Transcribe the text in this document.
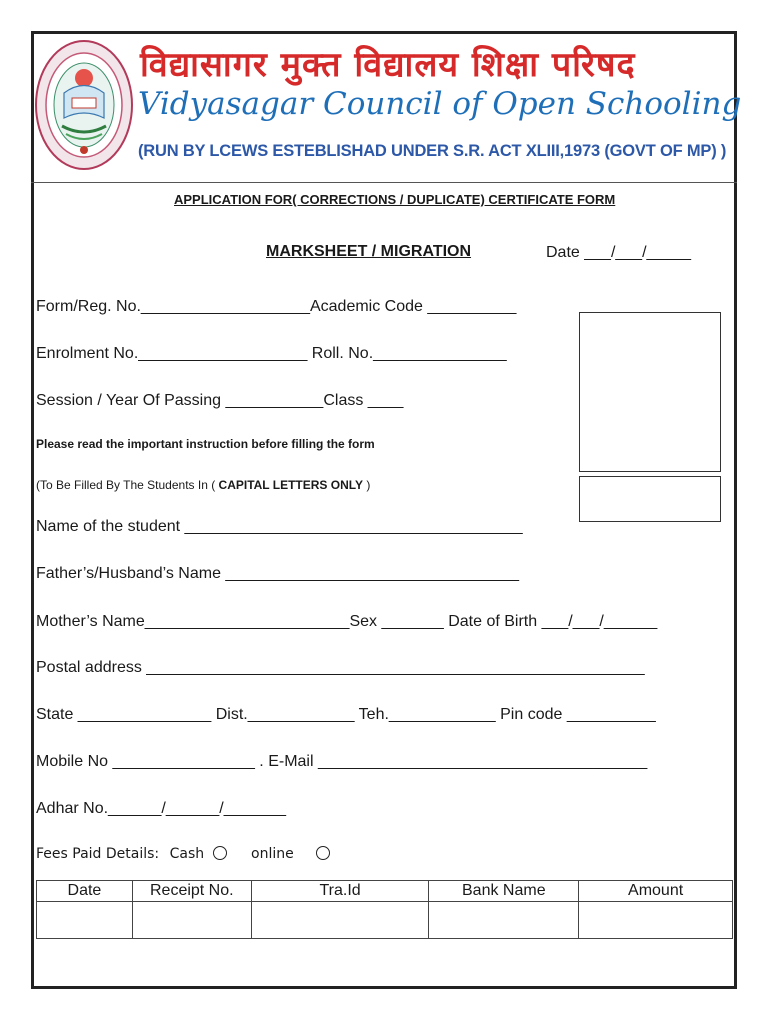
विद्यासागर मुक्त विद्यालय शिक्षा परिषद
Vidyasagar Council of Open Schooling
(RUN BY LCEWS ESTEBLISHAD UNDER S.R. ACT XLIII,1973 (GOVT OF MP) )
APPLICATION FOR( CORRECTIONS / DUPLICATE) CERTIFICATE FORM
MARKSHEET / MIGRATION	Date ___/___/_____
Form/Reg. No.___________________Academic Code __________
Enrolment No.___________________ Roll. No._______________
Session / Year Of Passing ___________Class ____
Please read the important instruction before filling the form
(To Be Filled By The Students In ( CAPITAL LETTERS ONLY )
Name of the student ______________________________________
Father’s/Husband’s Name _________________________________
Mother’s Name_______________________Sex _______ Date of Birth ___/___/______
Postal address ________________________________________________________
State _______________ Dist.____________ Teh.____________ Pin code __________
Mobile No ________________ . E-Mail _____________________________________
Adhar No.______/______/_______
Fees Paid Details: Cash	online
Date	Receipt No.	Tra.Id	Bank Name	Amount
